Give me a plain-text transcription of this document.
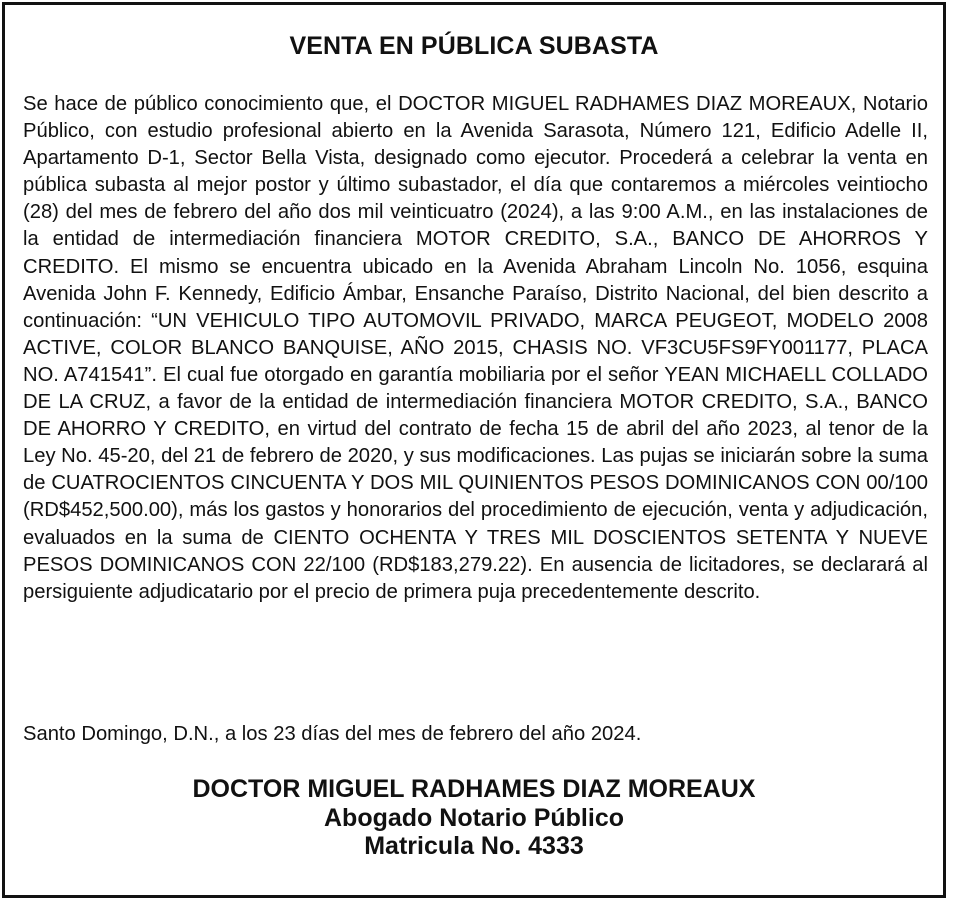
VENTA EN PÚBLICA SUBASTA

Se hace de público conocimiento que, el DOCTOR MIGUEL RADHAMES DIAZ MOREAUX, Notario Público, con estudio profesional abierto en la Avenida Sarasota, Número 121, Edificio Adelle II, Apartamento D-1, Sector Bella Vista, designado como ejecutor. Procederá a celebrar la venta en pública subasta al mejor postor y último subastador, el día que contaremos a miércoles veintiocho (28) del mes de febrero del año dos mil veinticuatro (2024), a las 9:00 A.M., en las instalaciones de la entidad de intermediación financiera MOTOR CREDITO, S.A., BANCO DE AHORROS Y CREDITO. El mismo se encuentra ubicado en la Avenida Abraham Lincoln No. 1056, esquina Avenida John F. Kennedy, Edificio Ámbar, Ensanche Paraíso, Distrito Nacional, del bien descrito a continuación: “UN VEHICULO TIPO AUTOMOVIL PRIVADO, MARCA PEUGEOT, MODELO 2008 ACTIVE, COLOR BLANCO BANQUISE, AÑO 2015, CHASIS NO. VF3CU5FS9FY001177, PLACA NO. A741541”. El cual fue otorgado en garantía mobiliaria por el señor YEAN MICHAELL COLLADO DE LA CRUZ, a favor de la entidad de intermediación financiera MOTOR CREDITO, S.A., BANCO DE AHORRO Y CREDITO, en virtud del contrato de fecha 15 de abril del año 2023, al tenor de la Ley No. 45-20, del 21 de febrero de 2020, y sus modificaciones. Las pujas se iniciarán sobre la suma de CUATROCIENTOS CINCUENTA Y DOS MIL QUINIENTOS PESOS DOMINICANOS CON 00/100 (RD$452,500.00), más los gastos y honorarios del procedimiento de ejecución, venta y adjudicación, evaluados en la suma de CIENTO OCHENTA Y TRES MIL DOSCIENTOS SETENTA Y NUEVE PESOS DOMINICANOS CON 22/100 (RD$183,279.22). En ausencia de licitadores, se declarará al persiguiente adjudicatario por el precio de primera puja precedentemente descrito.

Santo Domingo, D.N., a los 23 días del mes de febrero del año 2024.

DOCTOR MIGUEL RADHAMES DIAZ MOREAUX
Abogado Notario Público
Matricula No. 4333
